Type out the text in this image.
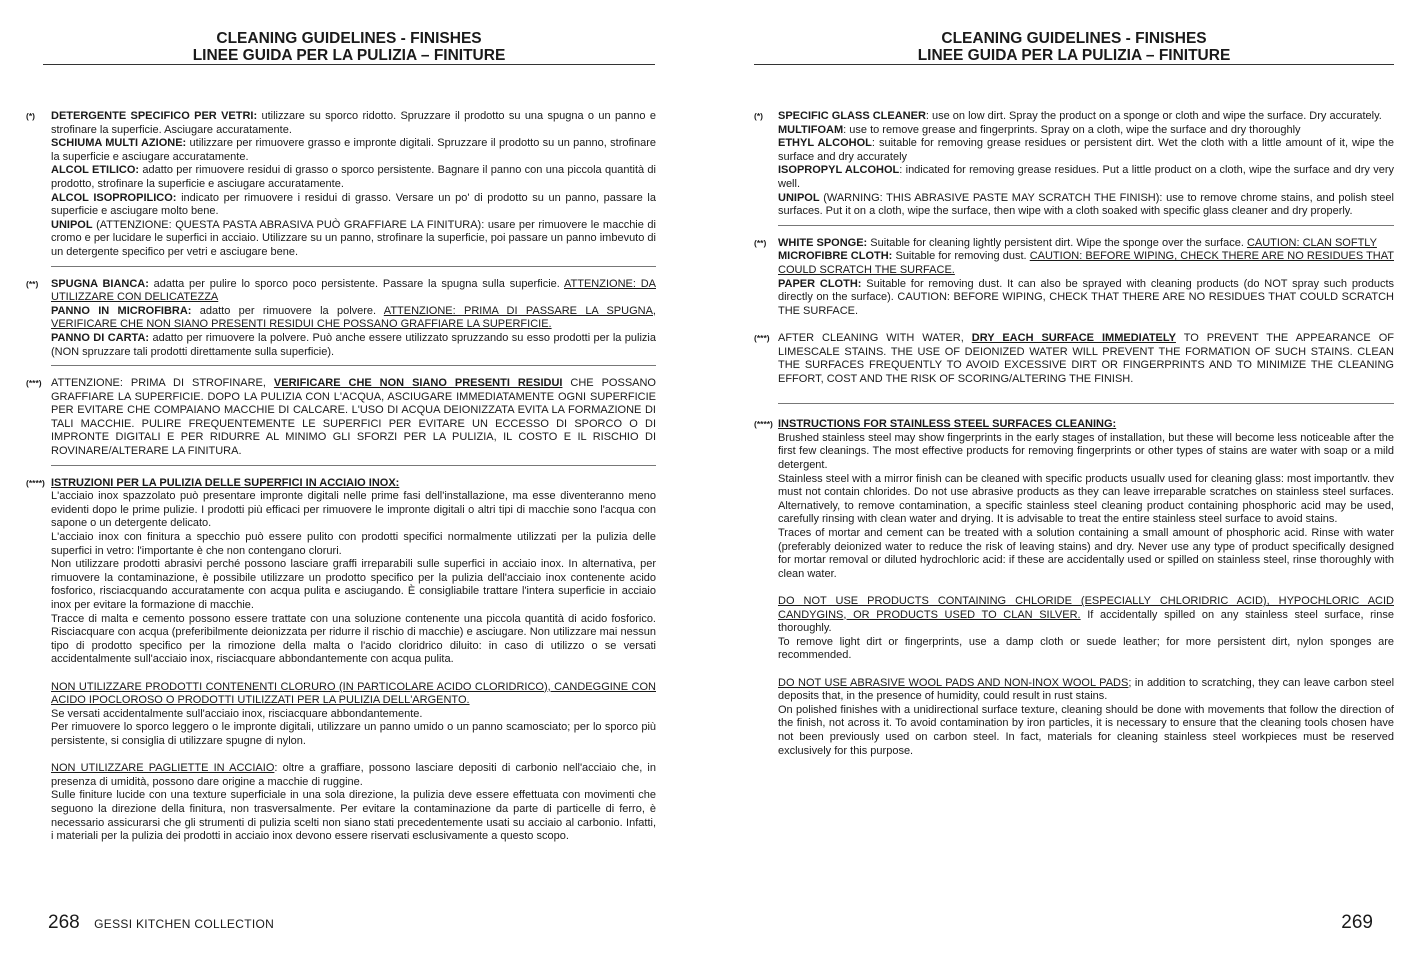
CLEANING GUIDELINES - FINISHES
LINEE GUIDA PER LA PULIZIA – FINITURE
(*) DETERGENTE SPECIFICO PER VETRI: utilizzare su sporco ridotto. Spruzzare il prodotto su una spugna o un panno e strofinare la superficie. Asciugare accuratamente.

SCHIUMA MULTI AZIONE: utilizzare per rimuovere grasso e impronte digitali. Spruzzare il prodotto su un panno, strofinare la superficie e asciugare accuratamente.

ALCOL ETILICO: adatto per rimuovere residui di grasso o sporco persistente. Bagnare il panno con una piccola quantità di prodotto, strofinare la superficie e asciugare accuratamente.

ALCOL ISOPROPILICO: indicato per rimuovere i residui di grasso. Versare un po' di prodotto su un panno, passare la superficie e asciugare molto bene.

UNIPOL (ATTENZIONE: QUESTA PASTA ABRASIVA PUÒ GRAFFIARE LA FINITURA): usare per rimuovere le macchie di cromo e per lucidare le superfici in acciaio. Utilizzare su un panno, strofinare la superficie, poi passare un panno imbevuto di un detergente specifico per vetri e asciugare bene.

(**) SPUGNA BIANCA: adatta per pulire lo sporco poco persistente. Passare la spugna sulla superficie. ATTENZIONE: DA UTILIZZARE CON DELICATEZZA

PANNO IN MICROFIBRA: adatto per rimuovere la polvere. ATTENZIONE: PRIMA DI PASSARE LA SPUGNA, VERIFICARE CHE NON SIANO PRESENTI RESIDUI CHE POSSANO GRAFFIARE LA SUPERFICIE.

PANNO DI CARTA: adatto per rimuovere la polvere. Può anche essere utilizzato spruzzando su esso prodotti per la pulizia (NON spruzzare tali prodotti direttamente sulla superficie).

(***) ATTENZIONE: PRIMA DI STROFINARE, VERIFICARE CHE NON SIANO PRESENTI RESIDUI CHE POSSANO GRAFFIARE LA SUPERFICIE. DOPO LA PULIZIA CON L'ACQUA, ASCIUGARE IMMEDIATAMENTE OGNI SUPERFICIE PER EVITARE CHE COMPAIANO MACCHIE DI CALCARE. L'USO DI ACQUA DEIONIZZATA EVITA LA FORMAZIONE DI TALI MACCHIE. PULIRE FREQUENTEMENTE LE SUPERFICI PER EVITARE UN ECCESSO DI SPORCO O DI IMPRONTE DIGITALI E PER RIDURRE AL MINIMO GLI SFORZI PER LA PULIZIA, IL COSTO E IL RISCHIO DI ROVINARE/ALTERARE LA FINITURA.

(****) ISTRUZIONI PER LA PULIZIA DELLE SUPERFICI IN ACCIAIO INOX:

L'acciaio inox spazzolato può presentare impronte digitali nelle prime fasi dell'installazione, ma esse diventeranno meno evidenti dopo le prime pulizie. I prodotti più efficaci per rimuovere le impronte digitali o altri tipi di macchie sono l'acqua con sapone o un detergente delicato.

L'acciaio inox con finitura a specchio può essere pulito con prodotti specifici normalmente utilizzati per la pulizia delle superfici in vetro: l'importante è che non contengano cloruri.

Non utilizzare prodotti abrasivi perché possono lasciare graffi irreparabili sulle superfici in acciaio inox. In alternativa, per rimuovere la contaminazione, è possibile utilizzare un prodotto specifico per la pulizia dell'acciaio inox contenente acido fosforico, risciacquando accuratamente con acqua pulita e asciugando. È consigliabile trattare l'intera superficie in acciaio inox per evitare la formazione di macchie.

Tracce di malta e cemento possono essere trattate con una soluzione contenente una piccola quantità di acido fosforico. Risciacquare con acqua (preferibilmente deionizzata per ridurre il rischio di macchie) e asciugare. Non utilizzare mai nessun tipo di prodotto specifico per la rimozione della malta o l'acido cloridrico diluito: in caso di utilizzo o se versati accidentalmente sull'acciaio inox, risciacquare abbondantemente con acqua pulita.

NON UTILIZZARE PRODOTTI CONTENENTI CLORURO (IN PARTICOLARE ACIDO CLORIDRICO), CANDEGGINE CON ACIDO IPOCLOROSO O PRODOTTI UTILIZZATI PER LA PULIZIA DELL'ARGENTO.

Se versati accidentalmente sull'acciaio inox, risciacquare abbondantemente.

Per rimuovere lo sporco leggero o le impronte digitali, utilizzare un panno umido o un panno scamosciato; per lo sporco più persistente, si consiglia di utilizzare spugne di nylon.

NON UTILIZZARE PAGLIETTE IN ACCIAIO: oltre a graffiare, possono lasciare depositi di carbonio nell'acciaio che, in presenza di umidità, possono dare origine a macchie di ruggine.

Sulle finiture lucide con una texture superficiale in una sola direzione, la pulizia deve essere effettuata con movimenti che seguono la direzione della finitura, non trasversalmente. Per evitare la contaminazione da parte di particelle di ferro, è necessario assicurarsi che gli strumenti di pulizia scelti non siano stati precedentemente usati su acciaio al carbonio. Infatti, i materiali per la pulizia dei prodotti in acciaio inox devono essere riservati esclusivamente a questo scopo.

268 GESSI KITCHEN COLLECTION
CLEANING GUIDELINES - FINISHES
LINEE GUIDA PER LA PULIZIA – FINITURE
(*) SPECIFIC GLASS CLEANER: use on low dirt. Spray the product on a sponge or cloth and wipe the surface. Dry accurately.

MULTIFOAM: use to remove grease and fingerprints. Spray on a cloth, wipe the surface and dry thoroughly

ETHYL ALCOHOL: suitable for removing grease residues or persistent dirt. Wet the cloth with a little amount of it, wipe the surface and dry accurately

ISOPROPYL ALCOHOL: indicated for removing grease residues. Put a little product on a cloth, wipe the surface and dry very well.

UNIPOL (WARNING: THIS ABRASIVE PASTE MAY SCRATCH THE FINISH): use to remove chrome stains, and polish steel surfaces. Put it on a cloth, wipe the surface, then wipe with a cloth soaked with specific glass cleaner and dry properly.

(**) WHITE SPONGE: Suitable for cleaning lightly persistent dirt. Wipe the sponge over the surface. CAUTION: CLAN SOFTLY

MICROFIBRE CLOTH: Suitable for removing dust. CAUTION: BEFORE WIPING, CHECK THERE ARE NO RESIDUES THAT COULD SCRATCH THE SURFACE.

PAPER CLOTH: Suitable for removing dust. It can also be sprayed with cleaning products (do NOT spray such products directly on the surface). CAUTION: BEFORE WIPING, CHECK THAT THERE ARE NO RESIDUES THAT COULD SCRATCH THE SURFACE.

(***) AFTER CLEANING WITH WATER, DRY EACH SURFACE IMMEDIATELY TO PREVENT THE APPEARANCE OF LIMESCALE STAINS. THE USE OF DEIONIZED WATER WILL PREVENT THE FORMATION OF SUCH STAINS. CLEAN THE SURFACES FREQUENTLY TO AVOID EXCESSIVE DIRT OR FINGERPRINTS AND TO MINIMIZE THE CLEANING EFFORT, COST AND THE RISK OF SCORING/ALTERING THE FINISH.

(****) INSTRUCTIONS FOR STAINLESS STEEL SURFACES CLEANING:

Brushed stainless steel may show fingerprints in the early stages of installation, but these will become less noticeable after the first few cleanings. The most effective products for removing fingerprints or other types of stains are water with soap or a mild detergent.

Stainless steel with a mirror finish can be cleaned with specific products usuallv used for cleaning glass: most importantlv. thev must not contain chlorides. Do not use abrasive products as they can leave irreparable scratches on stainless steel surfaces. Alternatively, to remove contamination, a specific stainless steel cleaning product containing phosphoric acid may be used, carefully rinsing with clean water and drying. It is advisable to treat the entire stainless steel surface to avoid stains.

Traces of mortar and cement can be treated with a solution containing a small amount of phosphoric acid. Rinse with water (preferably deionized water to reduce the risk of leaving stains) and dry. Never use any type of product specifically designed for mortar removal or diluted hydrochloric acid: if these are accidentally used or spilled on stainless steel, rinse thoroughly with clean water.

DO NOT USE PRODUCTS CONTAINING CHLORIDE (ESPECIALLY CHLORIDRIC ACID), HYPOCHLORIC ACID CANDYGINS, OR PRODUCTS USED TO CLAN SILVER. If accidentally spilled on any stainless steel surface, rinse thoroughly.

To remove light dirt or fingerprints, use a damp cloth or suede leather; for more persistent dirt, nylon sponges are recommended.

DO NOT USE ABRASIVE WOOL PADS AND NON-INOX WOOL PADS; in addition to scratching, they can leave carbon steel deposits that, in the presence of humidity, could result in rust stains.

On polished finishes with a unidirectional surface texture, cleaning should be done with movements that follow the direction of the finish, not across it. To avoid contamination by iron particles, it is necessary to ensure that the cleaning tools chosen have not been previously used on carbon steel. In fact, materials for cleaning stainless steel workpieces must be reserved exclusively for this purpose.

269
